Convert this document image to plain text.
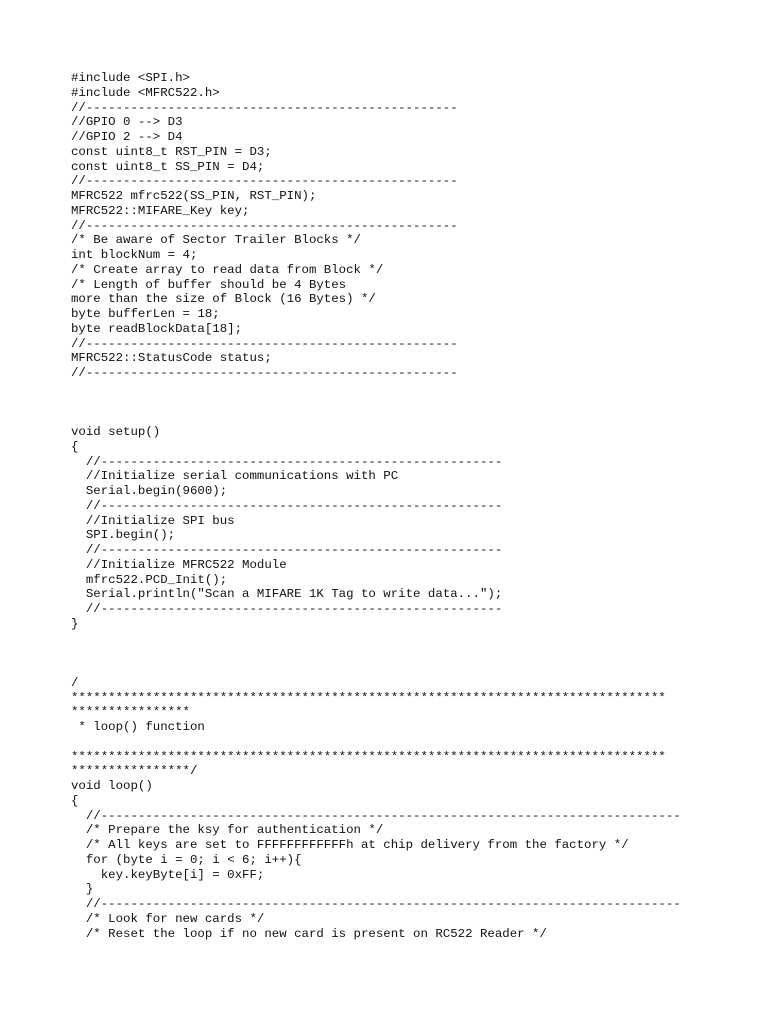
#include <SPI.h>
#include <MFRC522.h>
//--------------------------------------------------
//GPIO 0 --> D3
//GPIO 2 --> D4
const uint8_t RST_PIN = D3;
const uint8_t SS_PIN = D4;
//--------------------------------------------------
MFRC522 mfrc522(SS_PIN, RST_PIN);
MFRC522::MIFARE_Key key;
//--------------------------------------------------
/* Be aware of Sector Trailer Blocks */
int blockNum = 4;
/* Create array to read data from Block */
/* Length of buffer should be 4 Bytes
more than the size of Block (16 Bytes) */
byte bufferLen = 18;
byte readBlockData[18];
//--------------------------------------------------
MFRC522::StatusCode status;
//--------------------------------------------------
void setup()
{
//------------------------------------------------------
//Initialize serial communications with PC
Serial.begin(9600);
//------------------------------------------------------
//Initialize SPI bus
SPI.begin();
//------------------------------------------------------
//Initialize MFRC522 Module
mfrc522.PCD_Init();
Serial.println("Scan a MIFARE 1K Tag to write data...");
//------------------------------------------------------
}
/
********************************************************************************
****************
* loop() function
********************************************************************************
****************/
void loop()
{
//------------------------------------------------------------------------------
/* Prepare the ksy for authentication */
/* All keys are set to FFFFFFFFFFFFh at chip delivery from the factory */
for (byte i = 0; i < 6; i++){
key.keyByte[i] = 0xFF;
}
//------------------------------------------------------------------------------
/* Look for new cards */
/* Reset the loop if no new card is present on RC522 Reader */
